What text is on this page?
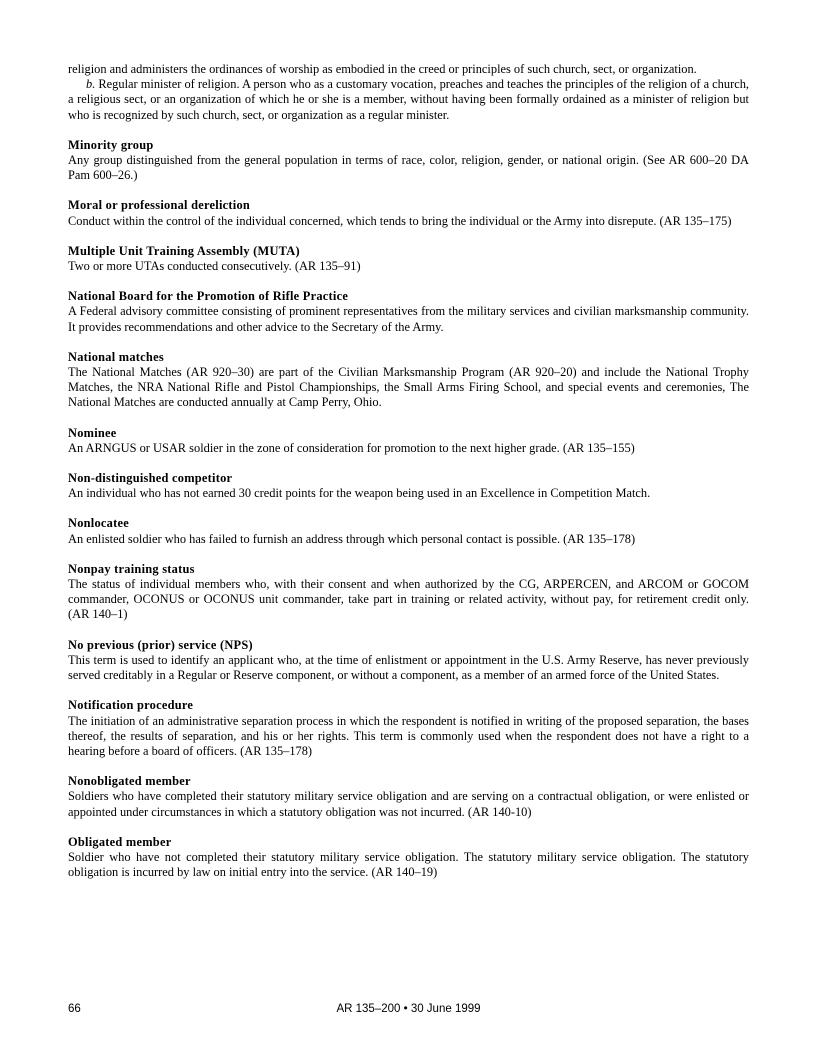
religion and administers the ordinances of worship as embodied in the creed or principles of such church, sect, or organization.

b. Regular minister of religion. A person who as a customary vocation, preaches and teaches the principles of the religion of a church, a religious sect, or an organization of which he or she is a member, without having been formally ordained as a minister of religion but who is recognized by such church, sect, or organization as a regular minister.

Minority group

Any group distinguished from the general population in terms of race, color, religion, gender, or national origin. (See AR 600–20 DA Pam 600–26.)

Moral or professional dereliction

Conduct within the control of the individual concerned, which tends to bring the individual or the Army into disrepute. (AR 135–175)

Multiple Unit Training Assembly (MUTA)

Two or more UTAs conducted consecutively. (AR 135–91)

National Board for the Promotion of Rifle Practice

A Federal advisory committee consisting of prominent representatives from the military services and civilian marksmanship community. It provides recommendations and other advice to the Secretary of the Army.

National matches

The National Matches (AR 920–30) are part of the Civilian Marksmanship Program (AR 920–20) and include the National Trophy Matches, the NRA National Rifle and Pistol Championships, the Small Arms Firing School, and special events and ceremonies, The National Matches are conducted annually at Camp Perry, Ohio.

Nominee

An ARNGUS or USAR soldier in the zone of consideration for promotion to the next higher grade. (AR 135–155)

Non-distinguished competitor

An individual who has not earned 30 credit points for the weapon being used in an Excellence in Competition Match.

Nonlocatee

An enlisted soldier who has failed to furnish an address through which personal contact is possible. (AR 135–178)

Nonpay training status

The status of individual members who, with their consent and when authorized by the CG, ARPERCEN, and ARCOM or GOCOM commander, OCONUS or OCONUS unit commander, take part in training or related activity, without pay, for retirement credit only. (AR 140–1)

No previous (prior) service (NPS)

This term is used to identify an applicant who, at the time of enlistment or appointment in the U.S. Army Reserve, has never previously served creditably in a Regular or Reserve component, or without a component, as a member of an armed force of the United States.

Notification procedure

The initiation of an administrative separation process in which the respondent is notified in writing of the proposed separation, the bases thereof, the results of separation, and his or her rights. This term is commonly used when the respondent does not have a right to a hearing before a board of officers. (AR 135–178)

Nonobligated member

Soldiers who have completed their statutory military service obligation and are serving on a contractual obligation, or were enlisted or appointed under circumstances in which a statutory obligation was not incurred. (AR 140-10)

Obligated member

Soldier who have not completed their statutory military service obligation. The statutory military service obligation. The statutory obligation is incurred by law on initial entry into the service. (AR 140–19)

66	AR 135–200 • 30 June 1999
